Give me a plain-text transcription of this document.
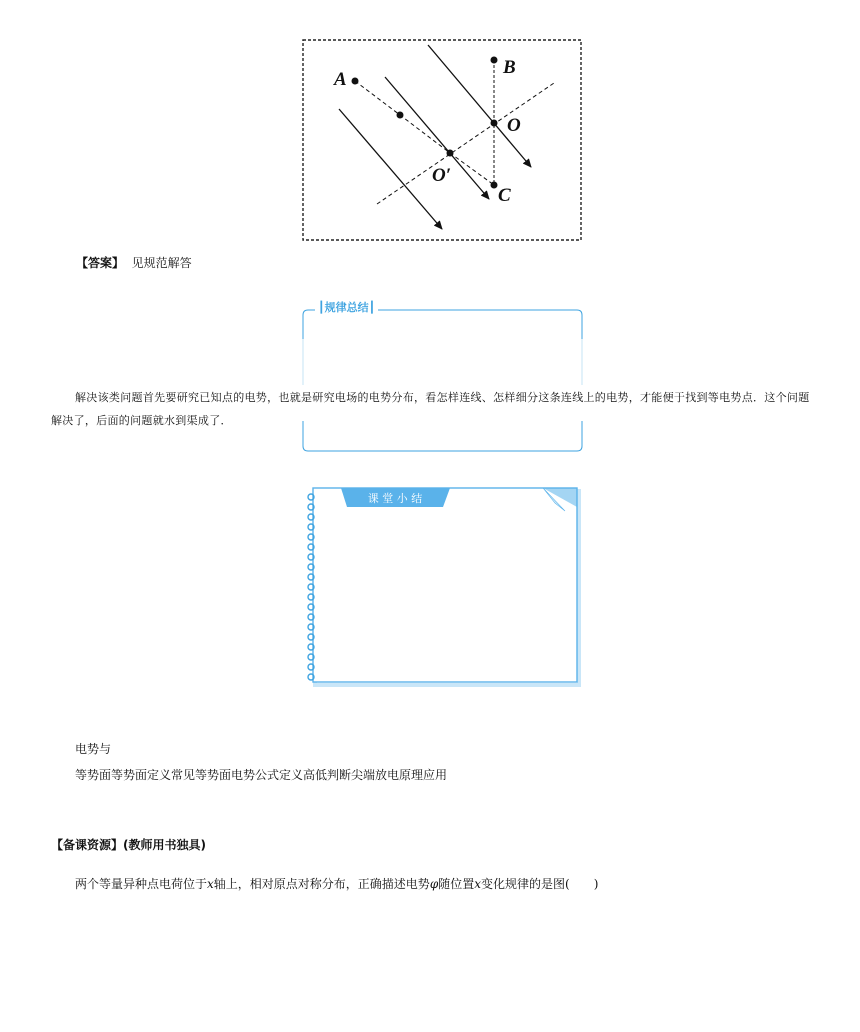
A
B
O
O′
C
【答案】 见规范解答
┃规律总结┃
解决该类问题首先要研究已知点的电势，也就是研究电场的电势分布，看怎样连线、怎样细分这条连线上的电势，才能便于找到等电势点．这个问题解决了，后面的问题就水到渠成了．
课 堂 小 结
电势与
等势面等势面定义常见等势面电势公式定义高低判断尖端放电原理应用
【备课资源】(教师用书独具)
两个等量异种点电荷位于x轴上，相对原点对称分布，正确描述电势φ随位置x变化规律的是图(　　)
